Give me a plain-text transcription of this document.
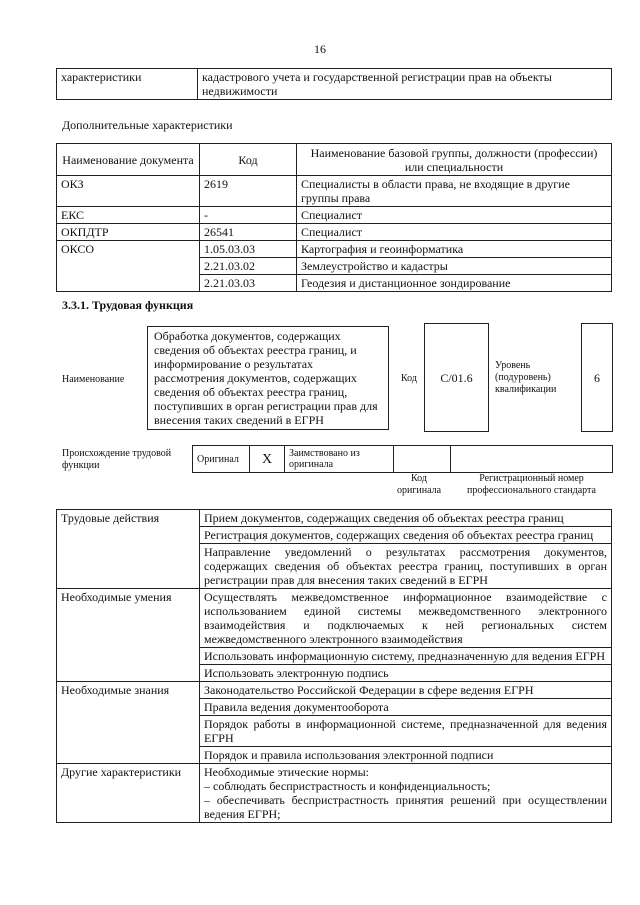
16
характеристики	кадастрового учета и государственной регистрации прав на объекты недвижимости
Дополнительные характеристики
Наименование документа	Код	Наименование базовой группы, должности (профессии) или специальности
ОКЗ	2619	Специалисты в области права, не входящие в другие группы права
ЕКС	-	Специалист
ОКПДТР	26541	Специалист
ОКСО	1.05.03.03	Картография и геоинформатика
	2.21.03.02	Землеустройство и кадастры
	2.21.03.03	Геодезия и дистанционное зондирование
3.3.1. Трудовая функция
Наименование
Обработка документов, содержащих сведения об объектах реестра границ, и информирование о результатах рассмотрения документов, содержащих сведения об объектах реестра границ, поступивших в орган регистрации прав для внесения таких сведений в ЕГРН
Код	С/01.6
Уровень (подуровень) квалификации
6
Происхождение трудовой функции
Оригинал	Х	Заимствовано из оригинала		
Код оригинала
Регистрационный номер профессионального стандарта
Трудовые действия	Прием документов, содержащих сведения об объектах реестра границ
	Регистрация документов, содержащих сведения об объектах реестра границ
	Направление уведомлений о результатах рассмотрения документов, содержащих сведения об объектах реестра границ, поступивших в орган регистрации прав для внесения таких сведений в ЕГРН
Необходимые умения	Осуществлять межведомственное информационное взаимодействие с использованием единой системы межведомственного электронного взаимодействия и подключаемых к ней региональных систем межведомственного электронного взаимодействия
	Использовать информационную систему, предназначенную для ведения ЕГРН
	Использовать электронную подпись
Необходимые знания	Законодательство Российской Федерации в сфере ведения ЕГРН
	Правила ведения документооборота
	Порядок работы в информационной системе, предназначенной для ведения ЕГРН
	Порядок и правила использования электронной подписи
Другие характеристики	Необходимые этические нормы:
– соблюдать беспристрастность и конфиденциальность;
– обеспечивать беспристрастность принятия решений при осуществлении ведения ЕГРН;
